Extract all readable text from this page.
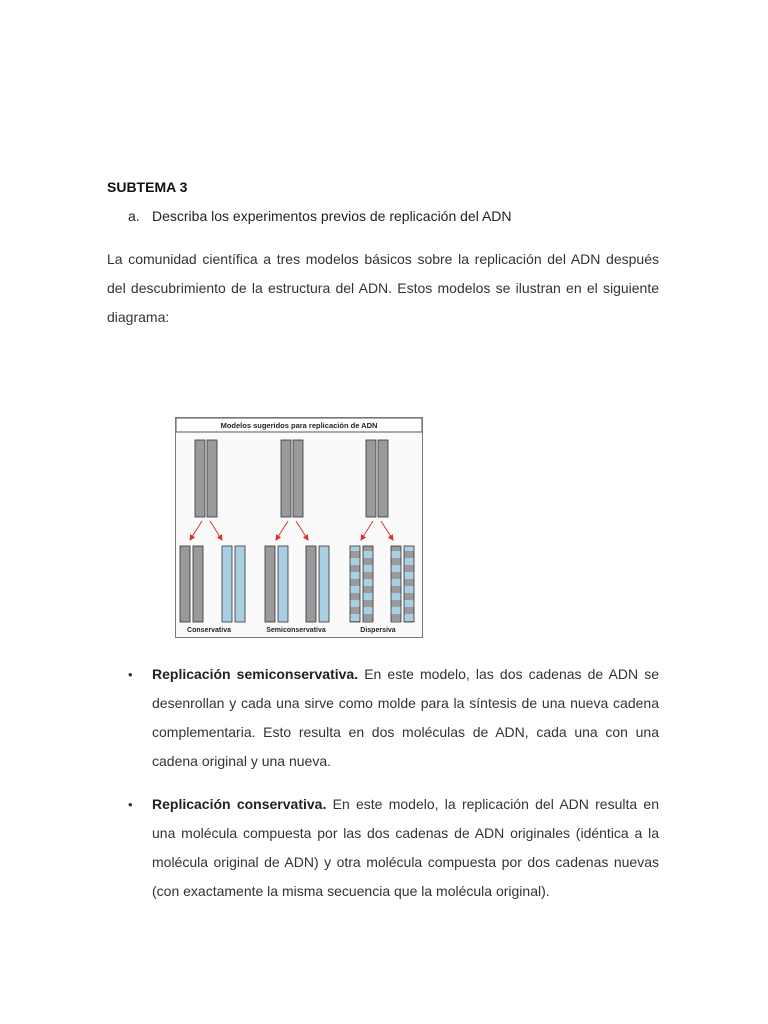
SUBTEMA 3
a. Describa los experimentos previos de replicación del ADN

La comunidad científica a tres modelos básicos sobre la replicación del ADN después del descubrimiento de la estructura del ADN. Estos modelos se ilustran en el siguiente diagrama:

Modelos sugeridos para replicación de ADN
Conservativa	Semiconservativa	Dispersiva
• Replicación semiconservativa. En este modelo, las dos cadenas de ADN se desenrollan y cada una sirve como molde para la síntesis de una nueva cadena complementaria. Esto resulta en dos moléculas de ADN, cada una con una cadena original y una nueva.
• Replicación conservativa. En este modelo, la replicación del ADN resulta en una molécula compuesta por las dos cadenas de ADN originales (idéntica a la molécula original de ADN) y otra molécula compuesta por dos cadenas nuevas (con exactamente la misma secuencia que la molécula original).
